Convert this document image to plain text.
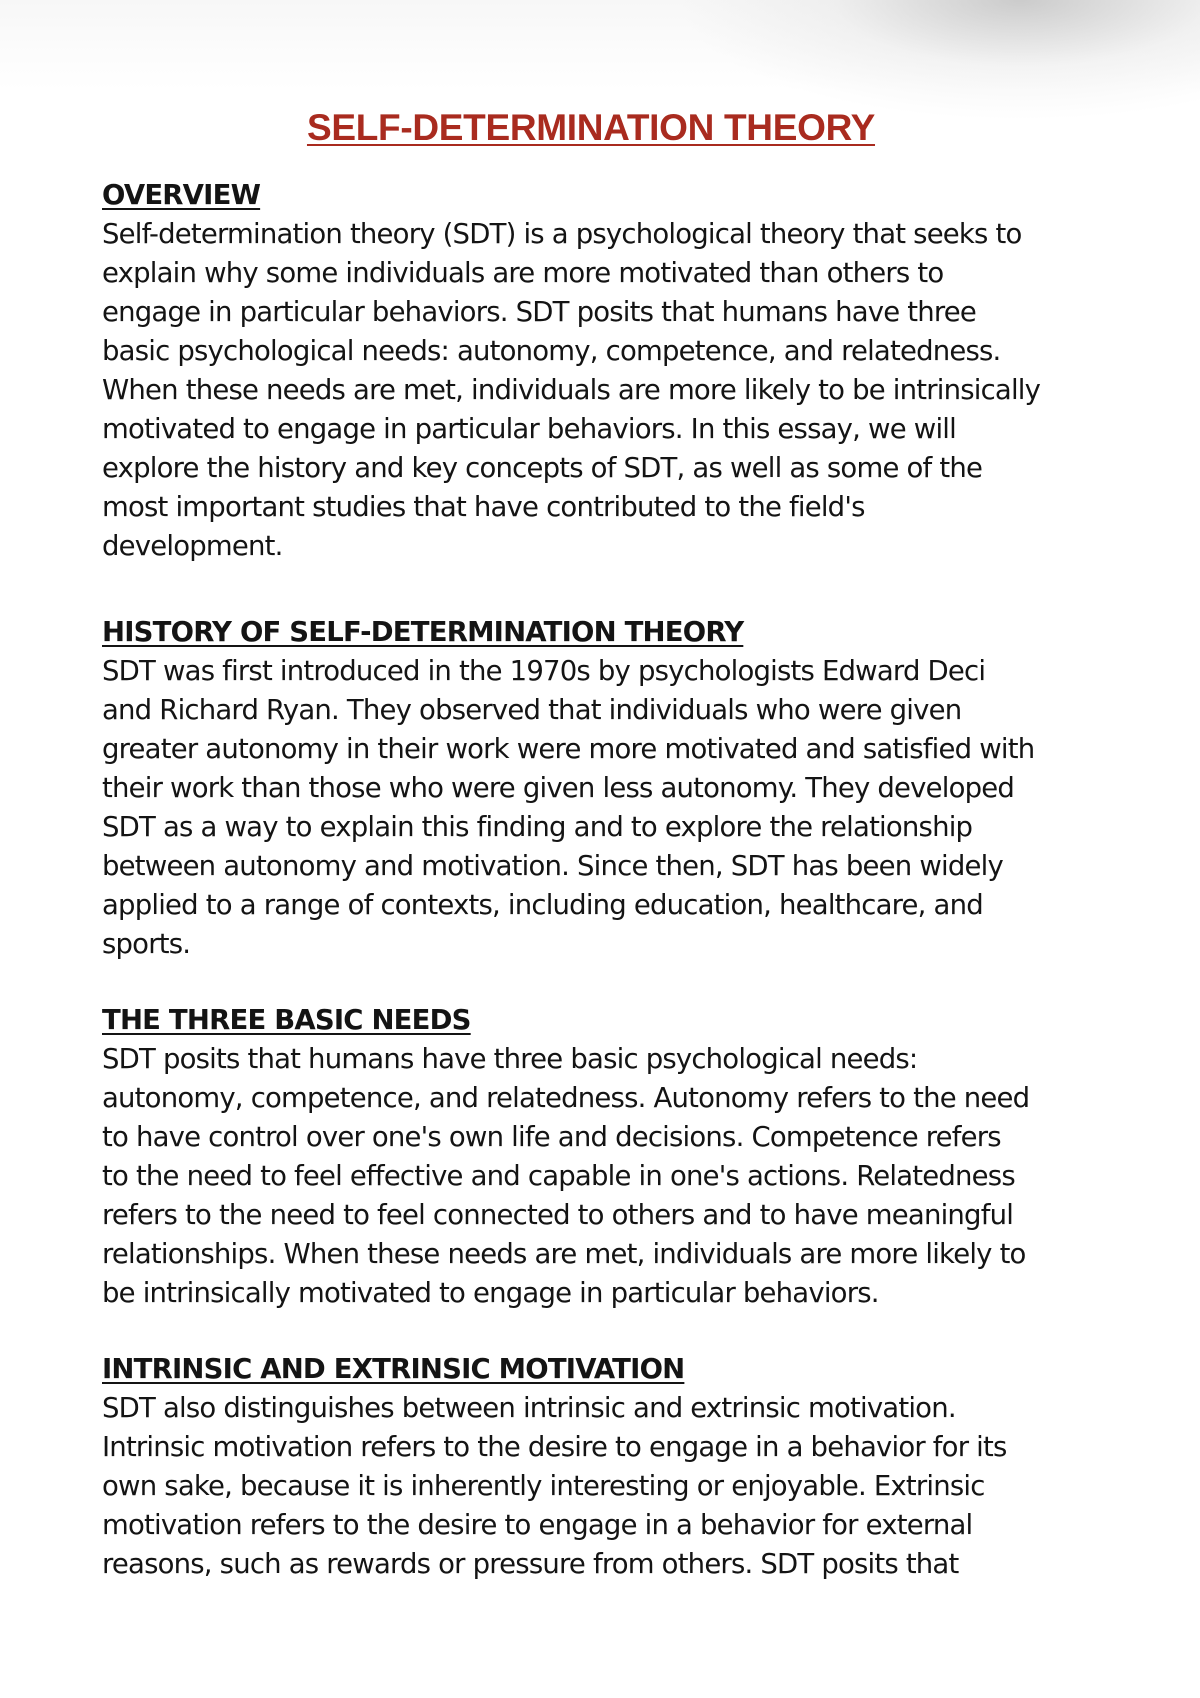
SELF-DETERMINATION THEORY
OVERVIEW
Self-determination theory (SDT) is a psychological theory that seeks to
explain why some individuals are more motivated than others to
engage in particular behaviors. SDT posits that humans have three
basic psychological needs: autonomy, competence, and relatedness.
When these needs are met, individuals are more likely to be intrinsically
motivated to engage in particular behaviors. In this essay, we will
explore the history and key concepts of SDT, as well as some of the
most important studies that have contributed to the field's
development.
HISTORY OF SELF-DETERMINATION THEORY
SDT was first introduced in the 1970s by psychologists Edward Deci
and Richard Ryan. They observed that individuals who were given
greater autonomy in their work were more motivated and satisfied with
their work than those who were given less autonomy. They developed
SDT as a way to explain this finding and to explore the relationship
between autonomy and motivation. Since then, SDT has been widely
applied to a range of contexts, including education, healthcare, and
sports.
THE THREE BASIC NEEDS
SDT posits that humans have three basic psychological needs:
autonomy, competence, and relatedness. Autonomy refers to the need
to have control over one's own life and decisions. Competence refers
to the need to feel effective and capable in one's actions. Relatedness
refers to the need to feel connected to others and to have meaningful
relationships. When these needs are met, individuals are more likely to
be intrinsically motivated to engage in particular behaviors.
INTRINSIC AND EXTRINSIC MOTIVATION
SDT also distinguishes between intrinsic and extrinsic motivation.
Intrinsic motivation refers to the desire to engage in a behavior for its
own sake, because it is inherently interesting or enjoyable. Extrinsic
motivation refers to the desire to engage in a behavior for external
reasons, such as rewards or pressure from others. SDT posits that
